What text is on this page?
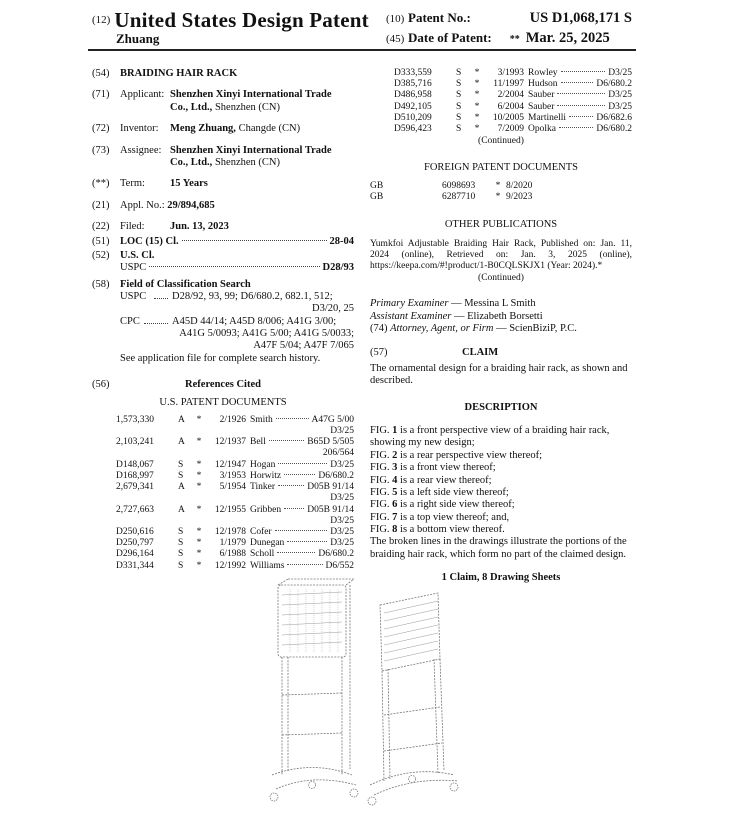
(12) United States Design Patent
Zhuang
(10) Patent No.:	US D1,068,171 S
(45) Date of Patent: ** Mar. 25, 2025
(54) BRAIDING HAIR RACK
(71) Applicant: Shenzhen Xinyi International Trade
Co., Ltd., Shenzhen (CN)
(72) Inventor:	Meng Zhuang, Changde (CN)
(73) Assignee: Shenzhen Xinyi International Trade
Co., Ltd., Shenzhen (CN)
(**) Term:	15 Years
(21) Appl. No.: 29/894,685
(22) Filed:	Jun. 13, 2023
(51) LOC (15) Cl.	28-04
(52) U.S. Cl.
USPC	D28/93
(58) Field of Classification Search
USPC	D28/92, 93, 99; D6/680.2, 682.1, 512;
D3/20, 25
CPC	A45D 44/14; A45D 8/006; A41G 3/00;
A41G 5/0093; A41G 5/00; A41G 5/0033;
A47F 5/04; A47F 7/065
See application file for complete search history.
(56)	References Cited
U.S. PATENT DOCUMENTS
1,573,330	A	*	2/1926 Smith	A47G 5/00
D3/25
2,103,241	A	*	12/1937 Bell	B65D 5/505
206/564
D148,067	S	*	12/1947 Hogan	D3/25
D168,997	S	*	3/1953 Horwitz	D6/680.2
2,679,341	A	*	5/1954 Tinker	D05B 91/14
D3/25
2,727,663	A	*	12/1955 Gribben	D05B 91/14
D3/25
D250,616	S	*	12/1978 Cofer	D3/25
D250,797	S	*	1/1979 Dunegan	D3/25
D296,164	S	*	6/1988 Scholl	D6/680.2
D331,344	S	*	12/1992 Williams	D6/552
D333,559	S	*	3/1993 Rowley	D3/25
D385,716	S	*	11/1997 Hudson	D6/680.2
D486,958	S	*	2/2004 Sauber	D3/25
D492,105	S	*	6/2004 Sauber	D3/25
D510,209	S	*	10/2005 Martinelli	D6/682.6
D596,423	S	*	7/2009 Opolka	D6/680.2
(Continued)
FOREIGN PATENT DOCUMENTS
GB	6098693	* 8/2020
GB	6287710	* 9/2023
OTHER PUBLICATIONS
Yumkfoi Adjustable Braiding Hair Rack, Published on: Jan. 11, 2024 (online), Retrieved on: Jan. 3, 2025 (online), https://keepa.com/#!product/1-B0CQLSKJX1 (Year: 2024).*
(Continued)
Primary Examiner — Messina L Smith
Assistant Examiner — Elizabeth Borsetti
(74) Attorney, Agent, or Firm — ScienBiziP, P.C.
(57)	CLAIM
The ornamental design for a braiding hair rack, as shown and described.
DESCRIPTION
FIG. 1 is a front perspective view of a braiding hair rack, showing my new design;
FIG. 2 is a rear perspective view thereof;
FIG. 3 is a front view thereof;
FIG. 4 is a rear view thereof;
FIG. 5 is a left side view thereof;
FIG. 6 is a right side view thereof;
FIG. 7 is a top view thereof; and,
FIG. 8 is a bottom view thereof.
The broken lines in the drawings illustrate the portions of the braiding hair rack, which form no part of the claimed design.
1 Claim, 8 Drawing Sheets
